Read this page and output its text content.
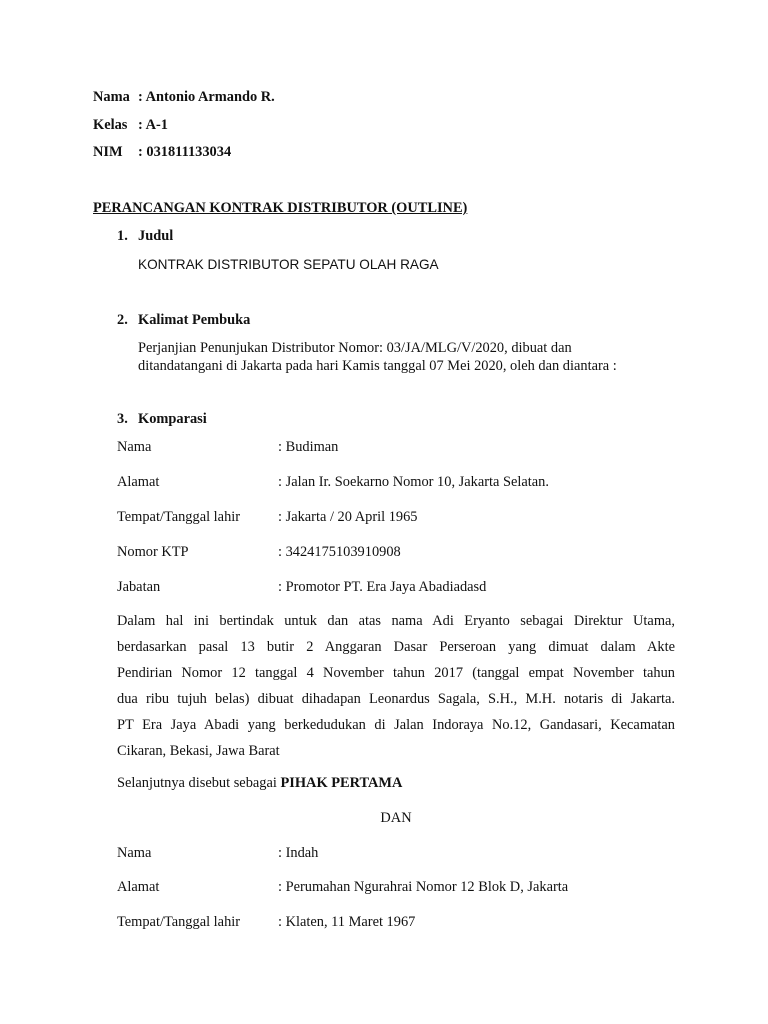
Nama : Antonio Armando R.
Kelas : A-1
NIM : 031811133034
PERANCANGAN KONTRAK DISTRIBUTOR (OUTLINE)
1. Judul
KONTRAK DISTRIBUTOR SEPATU OLAH RAGA
2. Kalimat Pembuka
Perjanjian Penunjukan Distributor Nomor: 03/JA/MLG/V/2020, dibuat dan
ditandatangani di Jakarta pada hari Kamis tanggal 07 Mei 2020, oleh dan diantara :
3. Komparasi
Nama	: Budiman
Alamat	: Jalan Ir. Soekarno Nomor 10, Jakarta Selatan.
Tempat/Tanggal lahir	: Jakarta / 20 April 1965
Nomor KTP	: 3424175103910908
Jabatan	: Promotor PT. Era Jaya Abadiadasd
Dalam hal ini bertindak untuk dan atas nama Adi Eryanto sebagai Direktur Utama,
berdasarkan pasal 13 butir 2 Anggaran Dasar Perseroan yang dimuat dalam Akte
Pendirian Nomor 12 tanggal 4 November tahun 2017 (tanggal empat November tahun
dua ribu tujuh belas) dibuat dihadapan Leonardus Sagala, S.H., M.H. notaris di Jakarta.
PT Era Jaya Abadi yang berkedudukan di Jalan Indoraya No.12, Gandasari, Kecamatan
Cikaran, Bekasi, Jawa Barat
Selanjutnya disebut sebagai PIHAK PERTAMA
DAN
Nama	: Indah
Alamat	: Perumahan Ngurahrai Nomor 12 Blok D, Jakarta
Tempat/Tanggal lahir	: Klaten, 11 Maret 1967
